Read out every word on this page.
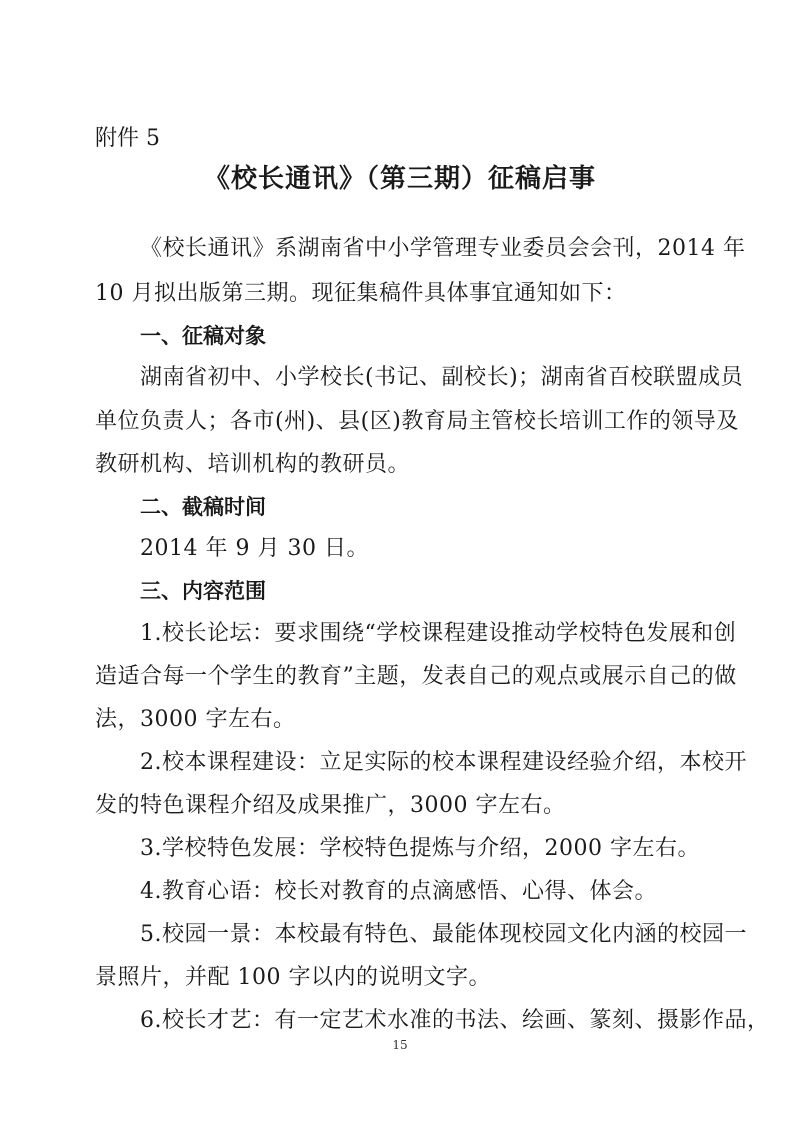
附件 5
《校长通讯》（第三期）征稿启事
《校长通讯》系湖南省中小学管理专业委员会会刊，2014 年
10 月拟出版第三期。现征集稿件具体事宜通知如下：
一、征稿对象
湖南省初中、小学校长(书记、副校长)；湖南省百校联盟成员
单位负责人；各市(州)、县(区)教育局主管校长培训工作的领导及
教研机构、培训机构的教研员。
二、截稿时间
2014 年 9 月 30 日。
三、内容范围
1.校长论坛：要求围绕“学校课程建设推动学校特色发展和创
造适合每一个学生的教育”主题，发表自己的观点或展示自己的做
法，3000 字左右。
2.校本课程建设：立足实际的校本课程建设经验介绍，本校开
发的特色课程介绍及成果推广，3000 字左右。
3.学校特色发展：学校特色提炼与介绍，2000 字左右。
4.教育心语：校长对教育的点滴感悟、心得、体会。
5.校园一景：本校最有特色、最能体现校园文化内涵的校园一
景照片，并配 100 字以内的说明文字。
6.校长才艺：有一定艺术水准的书法、绘画、篆刻、摄影作品，
15
